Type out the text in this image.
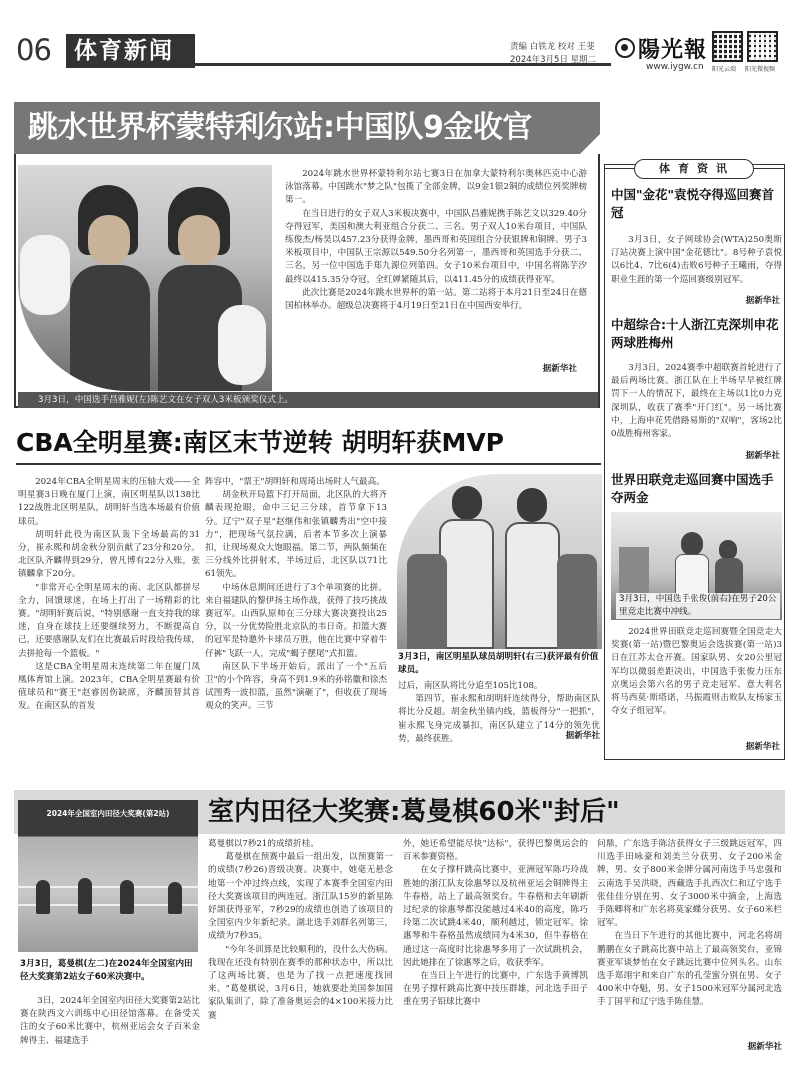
06	体育新闻	责编 白铁龙 校对 王斐
2024年3月5日 星期二 陽光報
www.iygw.cn 阳光云端 阳光微视频
跳水世界杯蒙特利尔站:中国队9金收官

2024年跳水世界杯蒙特利尔站七赛3日在加拿大蒙特利尔奥林匹克中心游泳馆落幕。中国跳水"梦之队"包揽了全部金牌，以9金1银2铜的成绩位列奖牌榜第一。

在当日进行的女子双人3米板决赛中，中国队昌雅妮携手陈艺文以329.40分夺得冠军，美国和澳大利亚组合分获二、三名。男子双人10米台项目，中国队练俊杰/杨昊以457.23分获得金牌，墨西哥和英国组合分获银牌和铜牌。男子3米板项目中，中国队王宗源以549.50分名列第一，墨西哥和英国选手分获二、三名，另一位中国选手郑九源位列第四。女子10米台项目中，中国名将陈芋汐最终以415.35分夺冠，全红婵紧随其后，以411.45分的成绩获得亚军。

此次比赛是2024年跳水世界杯的第一站。第二站将于本月21日至24日在德国柏林举办。超级总决赛将于4月19日至21日在中国西安举行。

据新华社
3月3日，中国选手昌雅妮(左)陈艺文在女子双人3米板颁奖仪式上。
CBA全明星赛:南区末节逆转 胡明轩获MVP

2024年CBA全明星周末的压轴大戏——全明星赛3日晚在厦门上演，南区明星队以138比122战胜北区明星队，胡明轩当选本场最有价值球员。

胡明轩此役为南区队轰下全场最高的31分，崔永熙和胡金秋分别贡献了23分和20分。北区队齐麟得到29分，曾凡博有22分入账，张镇麟拿下20分。

"非常开心全明星周末的南、北区队都拼尽全力，回馈球迷，在场上打出了一场精彩的比赛。"胡明轩赛后说，"特别感谢一直支持我的球迷，自身在球技上还要继续努力，不断提高自己，还要感谢队友们在比赛最后时段给我传球，去拼抢每一个篮板。"

这是CBA全明星周末连续第二年在厦门凤凰体育馆上演。2023年，CBA全明星赛最有价值球员和"赛王"赵睿因伤缺席，齐麟顶替其首发。在南区队的首发

阵容中，"票王"胡明轩和周琦出场时人气最高。

胡金秋开局篮下打开局面，北区队的大将齐麟表现抢眼，命中三记三分球，首节拿下13分。辽宁"双子星"赵继伟和张镇麟秀出"空中接力"，把现场气氛拉满，后者本节多次上演暴扣，让现场观众大饱眼福。第二节，两队频频在三分线外比拼射术，半场过后，北区队以71比61领先。

中场休息期间还进行了3个单项赛的比拼。来自福建队的黎伊扬主场作战，获得了技巧挑战赛冠军。山西队原帅在三分球大赛决赛投出25分，以一分优势险胜北京队的韦日奇。扣篮大赛的冠军是特邀外卡球员万胜，他在比赛中穿着牛仔裤"飞跃一人，完成"蝎子摆尾"式扣篮。

南区队下半场开始后，派出了一个"五后卫"的小个阵容，身高不到1.9米的孙铭徽和徐杰试图秀一波扣篮，虽然"演砸了"，但收获了现场观众的笑声。三节

3月3日，南区明星队球员胡明轩(右三)获评最有价值球员。

过后，南区队将比分追至105比108。

第四节，崔永熙和胡明轩连续得分，帮助南区队将比分反超。胡金秋坐镇内线，篮板得分"一把抓"，崔永熙飞身完成暴扣，南区队建立了14分的领先优势，最终获胜。	据新华社
体育资讯
中国"金花"袁悦夺得巡回赛首冠

3月3日，女子网球协会(WTA)250奥斯汀站决赛上演中国"金花德比"。8号种子袁悦以6比4、7比6(4)击败6号种子王曦雨，夺得职业生涯的第一个巡回赛级别冠军。

据新华社
中超综合:十人浙江克深圳申花两球胜梅州

3月3日，2024赛季中超联赛首轮进行了最后两场比赛。浙江队在上半场早早被红牌罚下一人的情况下，最终在主场以1比0力克深圳队，收获了赛季"开门红"。另一场比赛中，上海申花凭借路易斯的"双响"，客场2比0战胜梅州客家。

据新华社
世界田联竞走巡回赛中国选手夺两金
3月3日，中国选手张俊(前右)在男子20公里竞走比赛中冲线。

2024世界田联竞走巡回赛暨全国竞走大奖赛(第一站)暨巴黎奥运会选拔赛(第一站)3日在江苏太仓开赛。国家队男、女20公里冠军均以微弱差距决出，中国选手张俊力压东京奥运会第六名的男子竞走冠军、意大利名将马西莫·斯塔诺，马振霞则击败队友杨家玉夺女子组冠军。

据新华社
室内田径大奖赛:葛曼棋60米"封后"
2024年全国室内田径大奖赛(第2站)
3月3日，葛曼棋(左二)在2024年全国室内田径大奖赛第2站女子60米决赛中。

3日，2024年全国室内田径大奖赛第2站比赛在陕西文六训练中心田径馆落幕。在备受关注的女子60米比赛中，杭州亚运会女子百米金牌得主、福建选手

葛曼棋以7秒21的成绩折桂。

葛曼棋在预赛中最后一组出发，以预赛第一的成绩(7秒26)晋级决赛。决赛中，她毫无悬念地第一个冲过终点线，实现了本赛季全国室内田径大奖赛该项目的两连冠。浙江队15岁的新星陈妤颉获得亚军，7秒29的成绩也创造了该项目的全国室内少年新纪录。湖北选手刘群名列第三，成绩为7秒35。

"今年冬训算是比较顺利的，没什么大伤病。我现在还没有特别在赛季的那种状态中，所以比了这两场比赛，也是为了找一点把速度找回来。"葛曼棋说，3月6日，她就要赴美国参加国家队集训了，除了准备奥运会的4×100米接力比赛

外，她还希望能尽快"达标"，获得巴黎奥运会的百米参赛资格。

在女子撑杆跳高比赛中，亚洲冠军陈巧玲战胜她的浙江队友徐惠琴以及杭州亚运会铜牌得主牛春格，站上了最高领奖台。牛春格和去年刷新过纪录的徐惠琴都没能越过4米40的高度，陈巧玲第二次试跳4米40，顺利越过，锁定冠军。徐惠琴和牛春格虽然成绩同为4米30，但牛春格在通过这一高度时比徐惠琴多用了一次试跳机会，因此她排在了徐惠琴之后，收获季军。

在当日上午进行的比赛中，广东选手黄博凯在男子撑杆跳高比赛中技压群雄，河北选手田子重在男子铅球比赛中

问鼎，广东选手陈洁获得女子三级跳远冠军，四川选手田咏豪和刘美兰分获男、女子200米金牌，男、女子800米金牌分属河南选手马忠强和云南选手吴洪晓，西藏选手扎西次仁和辽宁选手张佳佳分别在男、女子3000米中摘金，上海选手陈卿将和广东名将莫家蝶分获男、女子60米栏冠军。

在当日下午进行的其他比赛中，河北名将胡鹏鹏在女子跳高比赛中站上了最高领奖台，亚锦赛亚军谈梦怡在女子跳远比赛中位列头名。山东选手郑翊宇和来自广东的孔莹蜜分别在男、女子400米中夺魁，男、女子1500米冠军分属河北选手丁国平和辽宁选手陈佳慧。

据新华社
